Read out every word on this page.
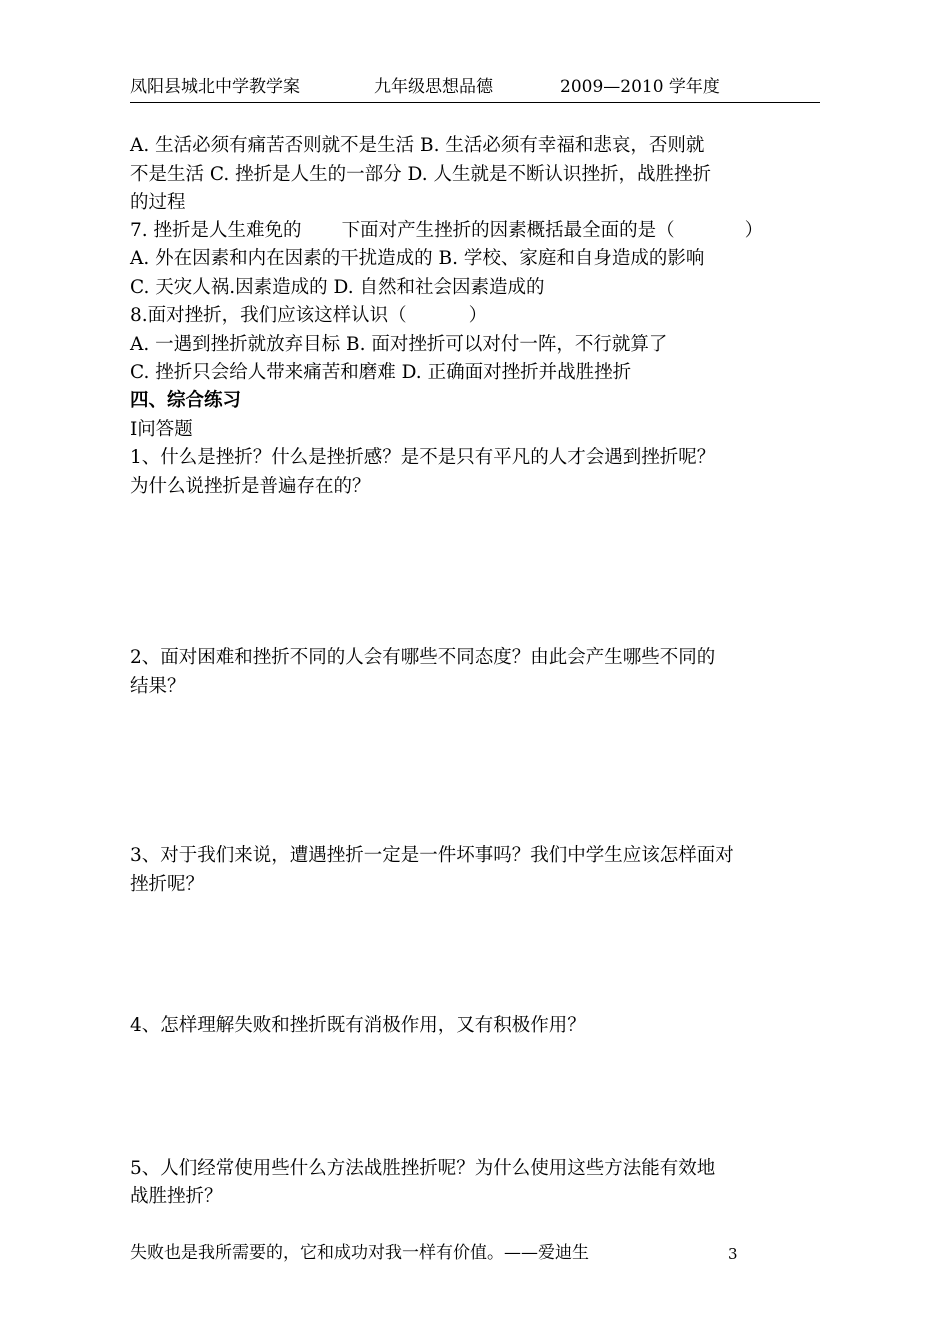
凤阳县城北中学教学案	九年级思想品德	2009—2010 学年度
A. 生活必须有痛苦否则就不是生活 B. 生活必须有幸福和悲哀，否则就
不是生活 C. 挫折是人生的一部分 D. 人生就是不断认识挫折，战胜挫折
的过程
7. 挫折是人生难免的 下面对产生挫折的因素概括最全面的是（	）
A. 外在因素和内在因素的干扰造成的 B. 学校、家庭和自身造成的影响
C. 天灾人祸.因素造成的 D. 自然和社会因素造成的
8.面对挫折，我们应该这样认识（	）
A. 一遇到挫折就放弃目标 B. 面对挫折可以对付一阵，不行就算了
C. 挫折只会给人带来痛苦和磨难 D. 正确面对挫折并战胜挫折
四、综合练习
Ⅰ问答题
1、什么是挫折？什么是挫折感？是不是只有平凡的人才会遇到挫折呢？
为什么说挫折是普遍存在的？
2、面对困难和挫折不同的人会有哪些不同态度？由此会产生哪些不同的
结果？
3、对于我们来说，遭遇挫折一定是一件坏事吗？我们中学生应该怎样面对
挫折呢？
4、怎样理解失败和挫折既有消极作用，又有积极作用？
5、人们经常使用些什么方法战胜挫折呢？为什么使用这些方法能有效地
战胜挫折？
失败也是我所需要的，它和成功对我一样有价值。——爱迪生	3
